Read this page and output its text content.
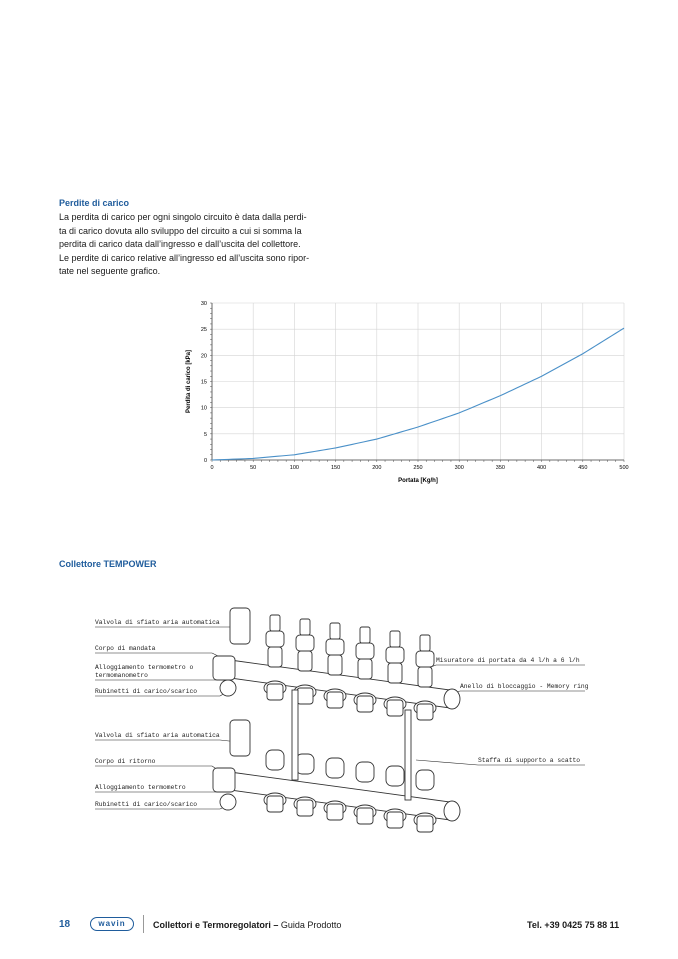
Perdite di carico

La perdita di carico per ogni singolo circuito è data dalla perdi-
ta di carico dovuta allo sviluppo del circuito a cui si somma la
perdita di carico data dall’ingresso e dall’uscita del collettore.
Le perdite di carico relative all’ingresso ed all’uscita sono ripor-
tate nel seguente grafico.

0	50	100	150	200	250	300	350	400	450	500
0
5
10
15
20
25
30
Portata [Kg/h]
Perdita di carico [kPa]
Collettore TEMPOWER
Valvola di sfiato aria automatica
Corpo di mandata
Alloggiamento termometro o
termomanometro
Rubinetti di carico/scarico
Valvola di sfiato aria automatica
Corpo di ritorno
Alloggiamento termometro
Rubinetti di carico/scarico
Misuratore di portata da 4 l/h a 6 l/h
Anello di bloccaggio - Memory ring
Staffa di supporto a scatto
18	wavin	Collettori e Termoregolatori – Guida Prodotto	Tel. +39 0425 75 88 11
